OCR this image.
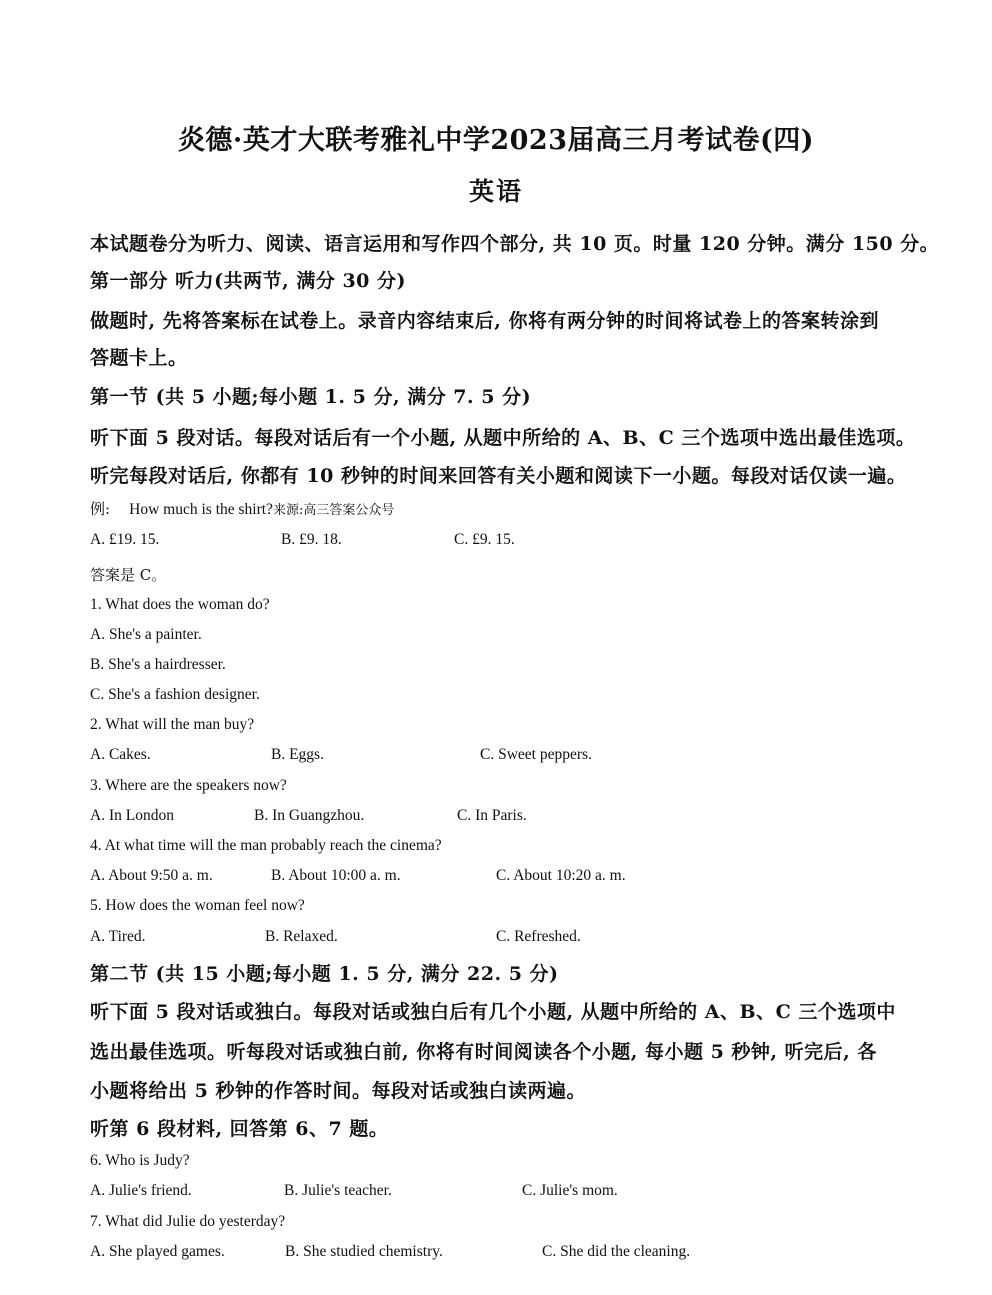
炎德·英才大联考雅礼中学2023届高三月考试卷(四)
英语
本试题卷分为听力、阅读、语言运用和写作四个部分, 共 10 页。时量 120 分钟。满分 150 分。
第一部分 听力(共两节, 满分 30 分)
做题时, 先将答案标在试卷上。录音内容结束后, 你将有两分钟的时间将试卷上的答案转涂到
答题卡上。
第一节 (共 5 小题;每小题 1. 5 分, 满分 7. 5 分)
听下面 5 段对话。每段对话后有一个小题, 从题中所给的 A、B、C 三个选项中选出最佳选项。
听完每段对话后, 你都有 10 秒钟的时间来回答有关小题和阅读下一小题。每段对话仅读一遍。
例: How much is the shirt?来源:高三答案公众号
A. £19. 15.	B. £9. 18.	C. £9. 15.
答案是 C。
1. What does the woman do?
A. She's a painter.
B. She's a hairdresser.
C. She's a fashion designer.
2. What will the man buy?
A. Cakes.	B. Eggs.	C. Sweet peppers.
3. Where are the speakers now?
A. In London	B. In Guangzhou.	C. In Paris.
4. At what time will the man probably reach the cinema?
A. About 9:50 a. m.	B. About 10:00 a. m.	C. About 10:20 a. m.
5. How does the woman feel now?
A. Tired.	B. Relaxed.	C. Refreshed.
第二节 (共 15 小题;每小题 1. 5 分, 满分 22. 5 分)
听下面 5 段对话或独白。每段对话或独白后有几个小题, 从题中所给的 A、B、C 三个选项中
选出最佳选项。听每段对话或独白前, 你将有时间阅读各个小题, 每小题 5 秒钟, 听完后, 各
小题将给出 5 秒钟的作答时间。每段对话或独白读两遍。
听第 6 段材料, 回答第 6、7 题。
6. Who is Judy?
A. Julie's friend.	B. Julie's teacher.	C. Julie's mom.
7. What did Julie do yesterday?
A. She played games.	B. She studied chemistry.	C. She did the cleaning.
